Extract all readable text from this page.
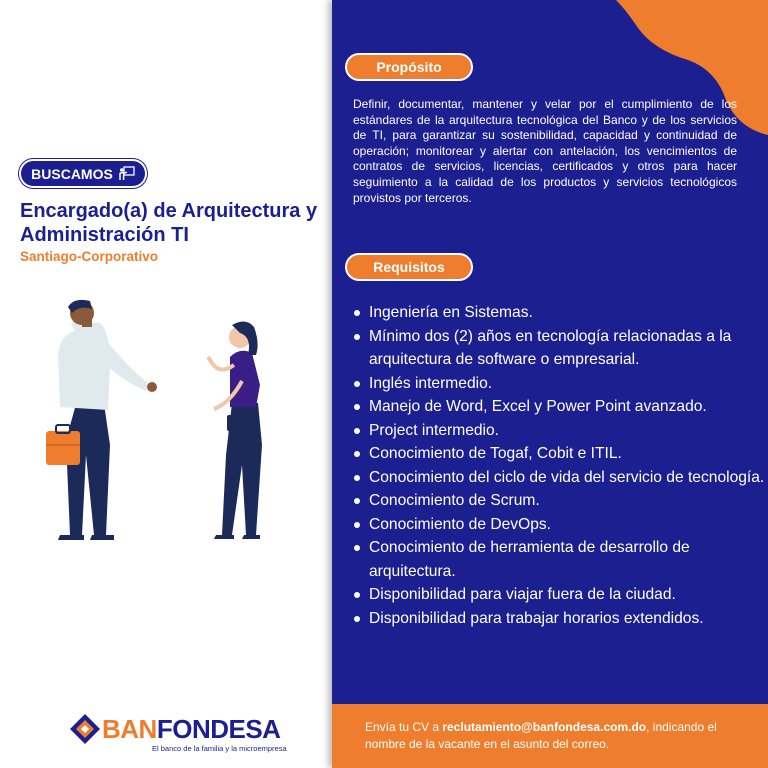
BUSCAMOS
Encargado(a) de Arquitectura y Administración TI
Santiago-Corporativo
BANFONDESA
El banco de la familia y la microempresa
Propósito

Definir, documentar, mantener y velar por el cumplimiento de los estándares de la arquitectura tecnológica del Banco y de los servicios de TI, para garantizar su sostenibilidad, capacidad y continuidad de operación; monitorear y alertar con antelación, los vencimientos de contratos de servicios, licencias, certificados y otros para hacer seguimiento a la calidad de los productos y servicios tecnológicos provistos por terceros.

Requisitos
Ingeniería en Sistemas.
Mínimo dos (2) años en tecnología relacionadas a la arquitectura de software o empresarial.
Inglés intermedio.
Manejo de Word, Excel y Power Point avanzado.
Project intermedio.
Conocimiento de Togaf, Cobit e ITIL.
Conocimiento del ciclo de vida del servicio de tecnología.
Conocimiento de Scrum.
Conocimiento de DevOps.
Conocimiento de herramienta de desarrollo de arquitectura.
Disponibilidad para viajar fuera de la ciudad.
Disponibilidad para trabajar horarios extendidos.
Envía tu CV a reclutamiento@banfondesa.com.do, indicando el nombre de la vacante en el asunto del correo.
